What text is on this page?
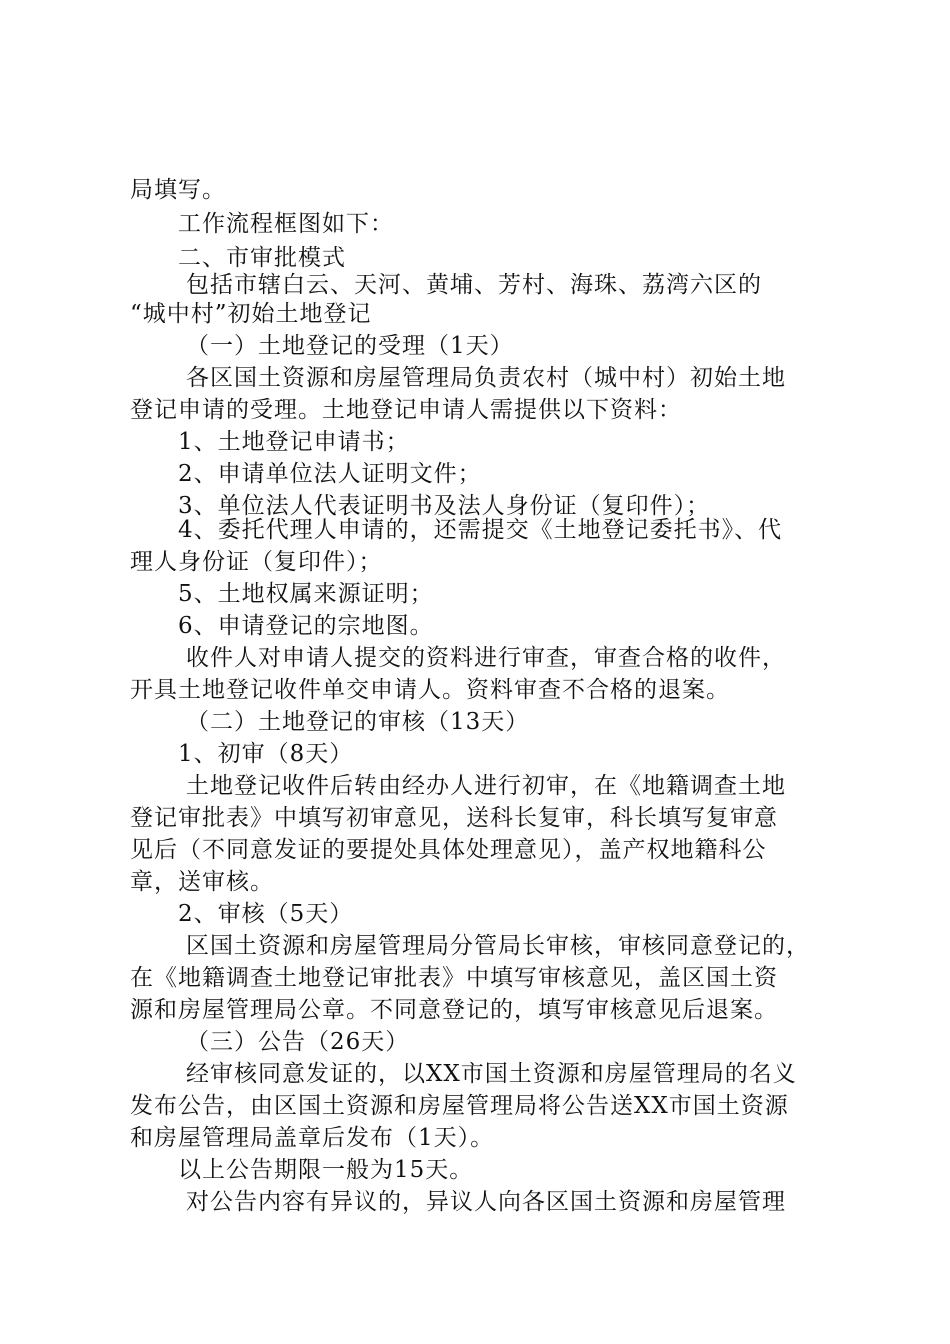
局填写。
工作流程框图如下：
二、市审批模式
包括市辖白云、天河、黄埔、芳村、海珠、荔湾六区的
“城中村”初始土地登记
（一）土地登记的受理（1天）
各区国土资源和房屋管理局负责农村（城中村）初始土地
登记申请的受理。土地登记申请人需提供以下资料：
1、土地登记申请书；
2、申请单位法人证明文件；
3、单位法人代表证明书及法人身份证（复印件）；
4、委托代理人申请的，还需提交《土地登记委托书》、代
理人身份证（复印件）；
5、土地权属来源证明；
6、申请登记的宗地图。
收件人对申请人提交的资料进行审查，审查合格的收件，
开具土地登记收件单交申请人。资料审查不合格的退案。
（二）土地登记的审核（13天）
1、初审（8天）
土地登记收件后转由经办人进行初审，在《地籍调查土地
登记审批表》中填写初审意见，送科长复审，科长填写复审意
见后（不同意发证的要提处具体处理意见），盖产权地籍科公
章，送审核。
2、审核（5天）
区国土资源和房屋管理局分管局长审核，审核同意登记的，
在《地籍调查土地登记审批表》中填写审核意见，盖区国土资
源和房屋管理局公章。不同意登记的，填写审核意见后退案。
（三）公告（26天）
经审核同意发证的，以XX市国土资源和房屋管理局的名义
发布公告，由区国土资源和房屋管理局将公告送XX市国土资源
和房屋管理局盖章后发布（1天）。
以上公告期限一般为15天。
对公告内容有异议的，异议人向各区国土资源和房屋管理
